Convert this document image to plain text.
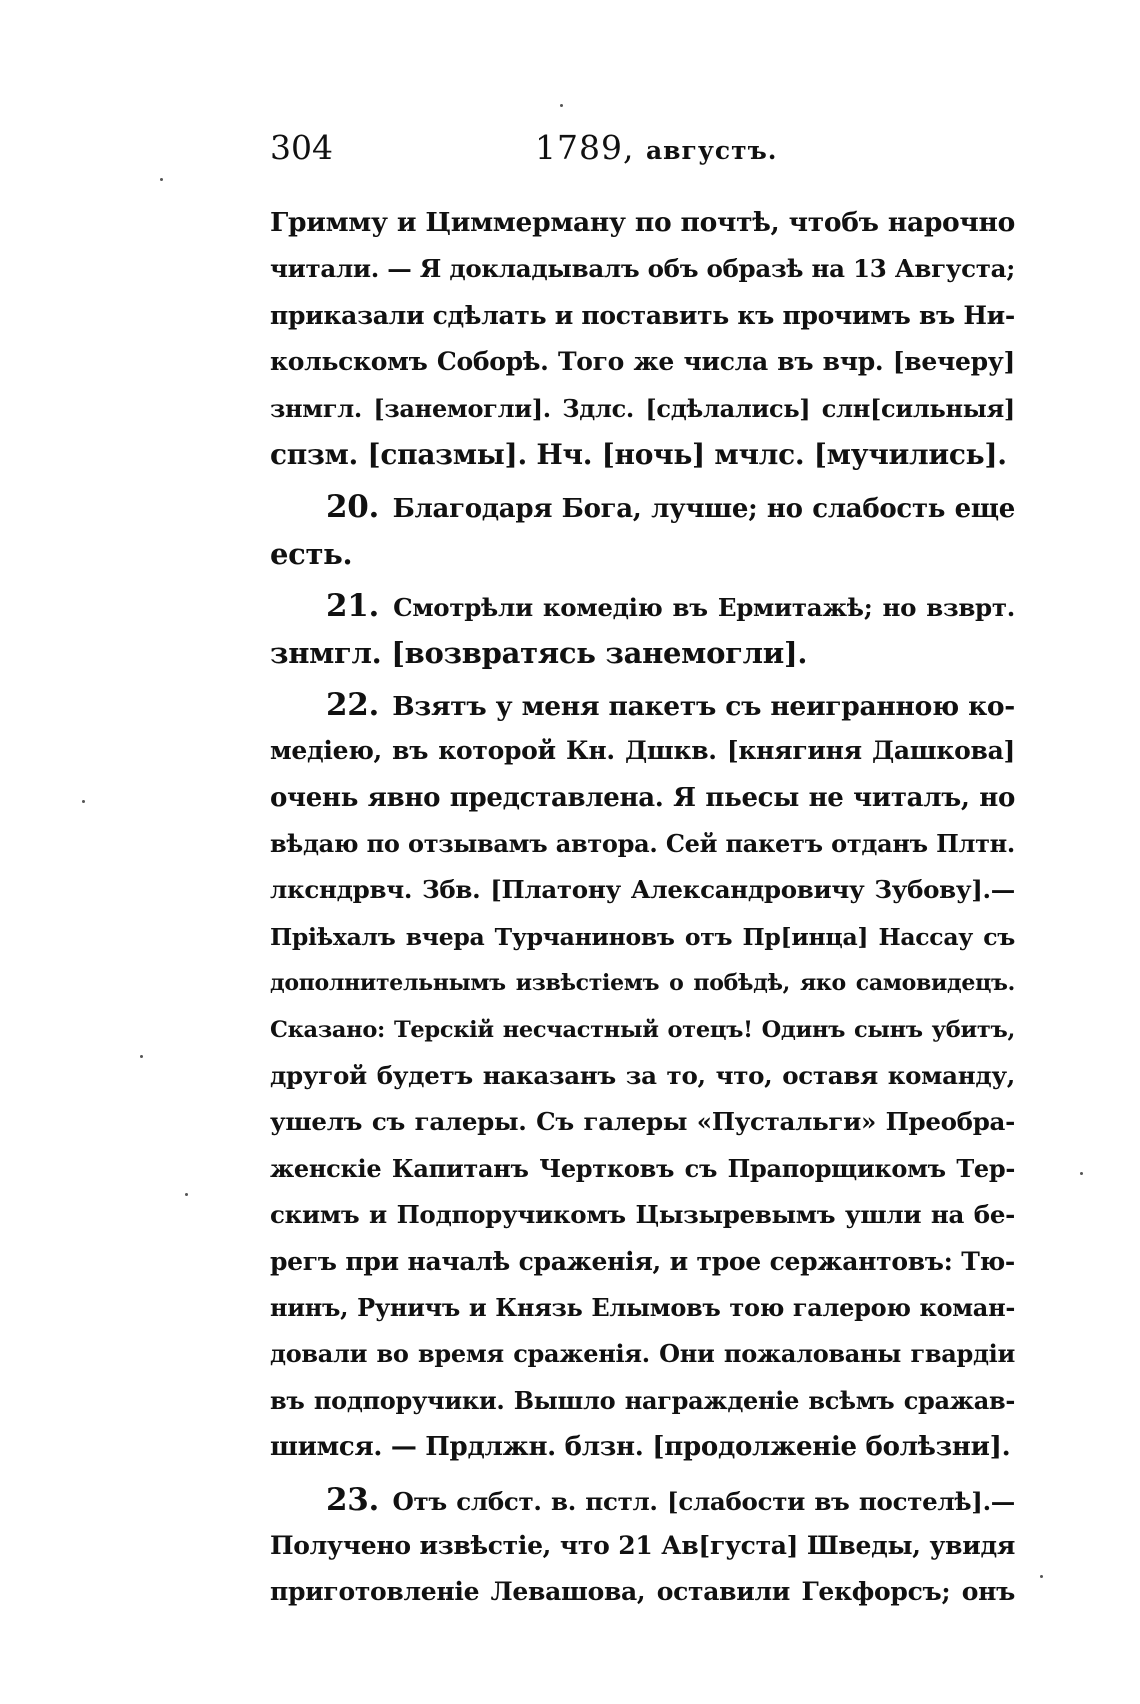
304	1789, августъ.
Гримму и Циммерману по почтѣ, чтобъ нарочно
читали. — Я докладывалъ объ образѣ на 13 Августа;
приказали сдѣлать и поставить къ прочимъ въ Ни-
кольскомъ Соборѣ. Того же числа въ вчр. [вечеру]
знмгл. [занемогли]. Здлс. [сдѣлались] слн[сильныя]
спзм. [спазмы]. Нч. [ночь] мчлс. [мучились].
20. Благодаря Бога, лучше; но слабость еще
есть.
21. Смотрѣли комедію въ Ермитажѣ; но взврт.
знмгл. [возвратясь занемогли].
22. Взятъ у меня пакетъ съ неигранною ко-
медіею, въ которой Кн. Дшкв. [княгиня Дашкова]
очень явно представлена. Я пьесы не читалъ, но
вѣдаю по отзывамъ автора. Сей пакетъ отданъ Плтн.
лксндрвч. Збв. [Платону Александровичу Зубову].—
Пріѣхалъ вчера Турчаниновъ отъ Пр[инца] Нассау съ
дополнительнымъ извѣстіемъ о побѣдѣ, яко самовидецъ.
Сказано: Терскій несчастный отецъ! Одинъ сынъ убитъ,
другой будетъ наказанъ за то, что, оставя команду,
ушелъ съ галеры. Съ галеры «Пустальги» Преобра-
женскіе Капитанъ Чертковъ съ Прапорщикомъ Тер-
скимъ и Подпоручикомъ Цызыревымъ ушли на бе-
регъ при началѣ сраженія, и трое сержантовъ: Тю-
нинъ, Руничъ и Князь Елымовъ тою галерою коман-
довали во время сраженія. Они пожалованы гвардіи
въ подпоручики. Вышло награжденіе всѣмъ сражав-
шимся. — Прдлжн. блзн. [продолженіе болѣзни].
23. Отъ слбст. в. пстл. [слабости въ постелѣ].—
Получено извѣстіе, что 21 Ав[густа] Шведы, увидя
приготовленіе Левашова, оставили Гекфорсъ; онъ
